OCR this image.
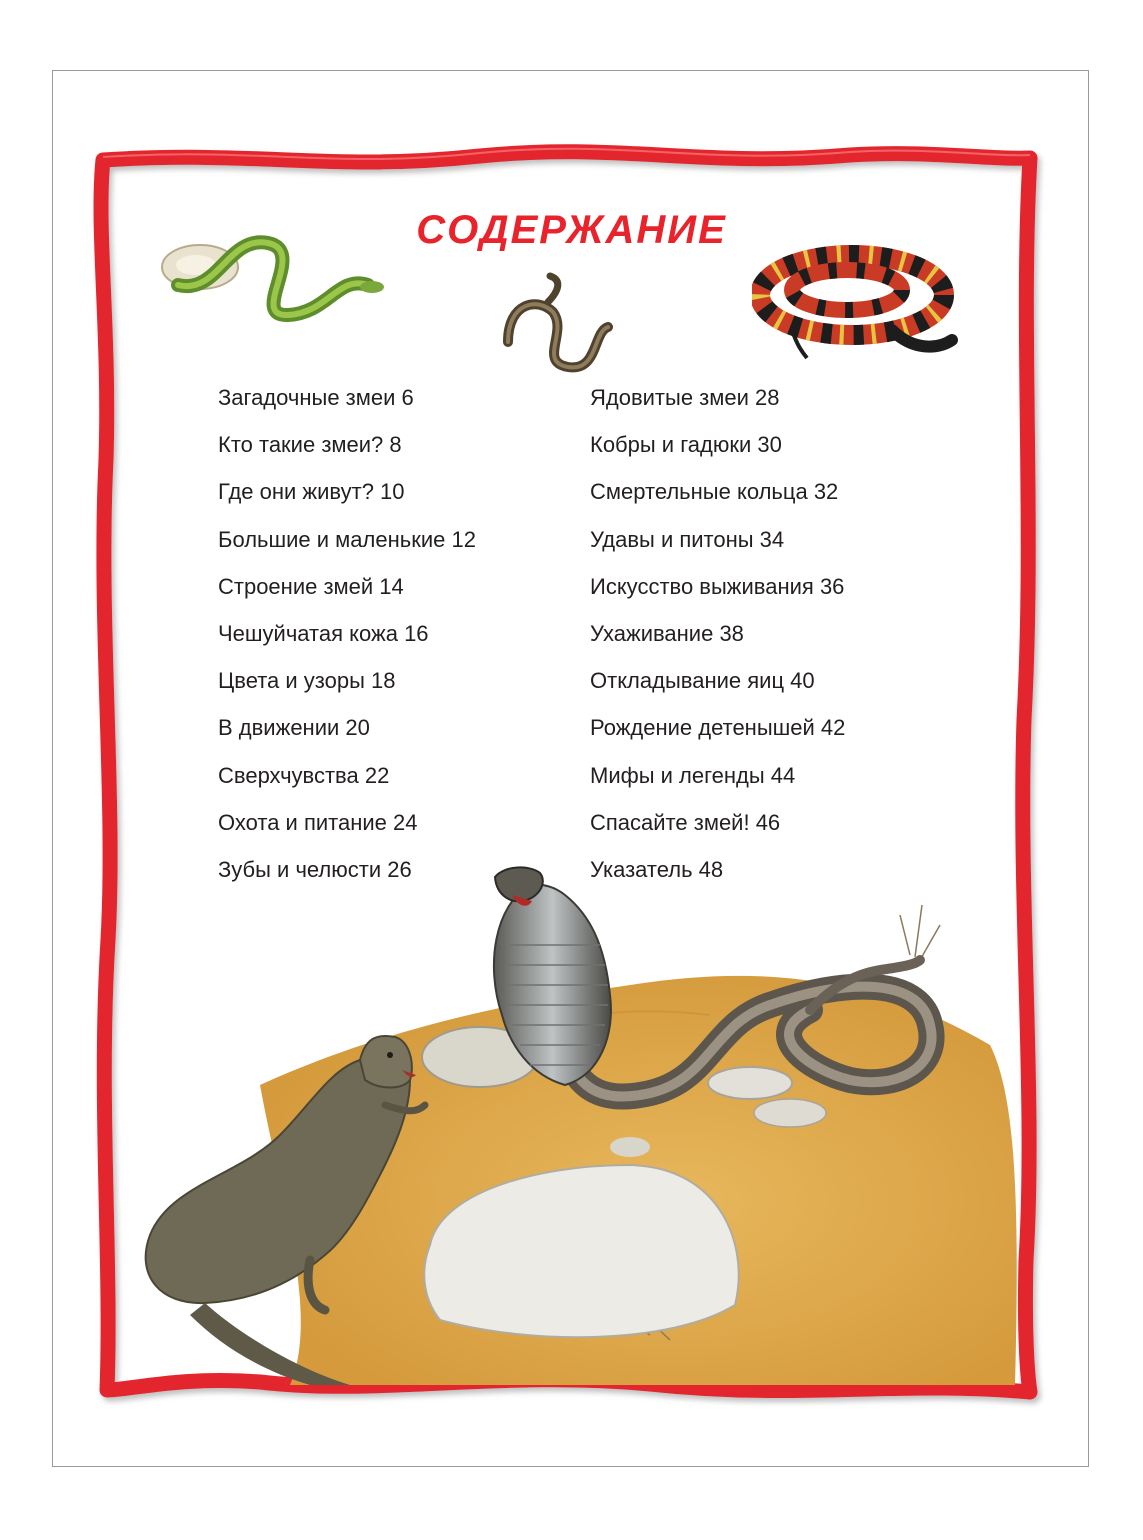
СОДЕРЖАНИЕ
Загадочные змеи 6
Кто такие змеи? 8
Где они живут? 10
Большие и маленькие 12
Строение змей 14
Чешуйчатая кожа 16
Цвета и узоры 18
В движении 20
Сверхчувства 22
Охота и питание 24
Зубы и челюсти 26
Ядовитые змеи 28
Кобры и гадюки 30
Смертельные кольца 32
Удавы и питоны 34
Искусство выживания 36
Ухаживание 38
Откладывание яиц 40
Рождение детенышей 42
Мифы и легенды 44
Спасайте змей! 46
Указатель 48
